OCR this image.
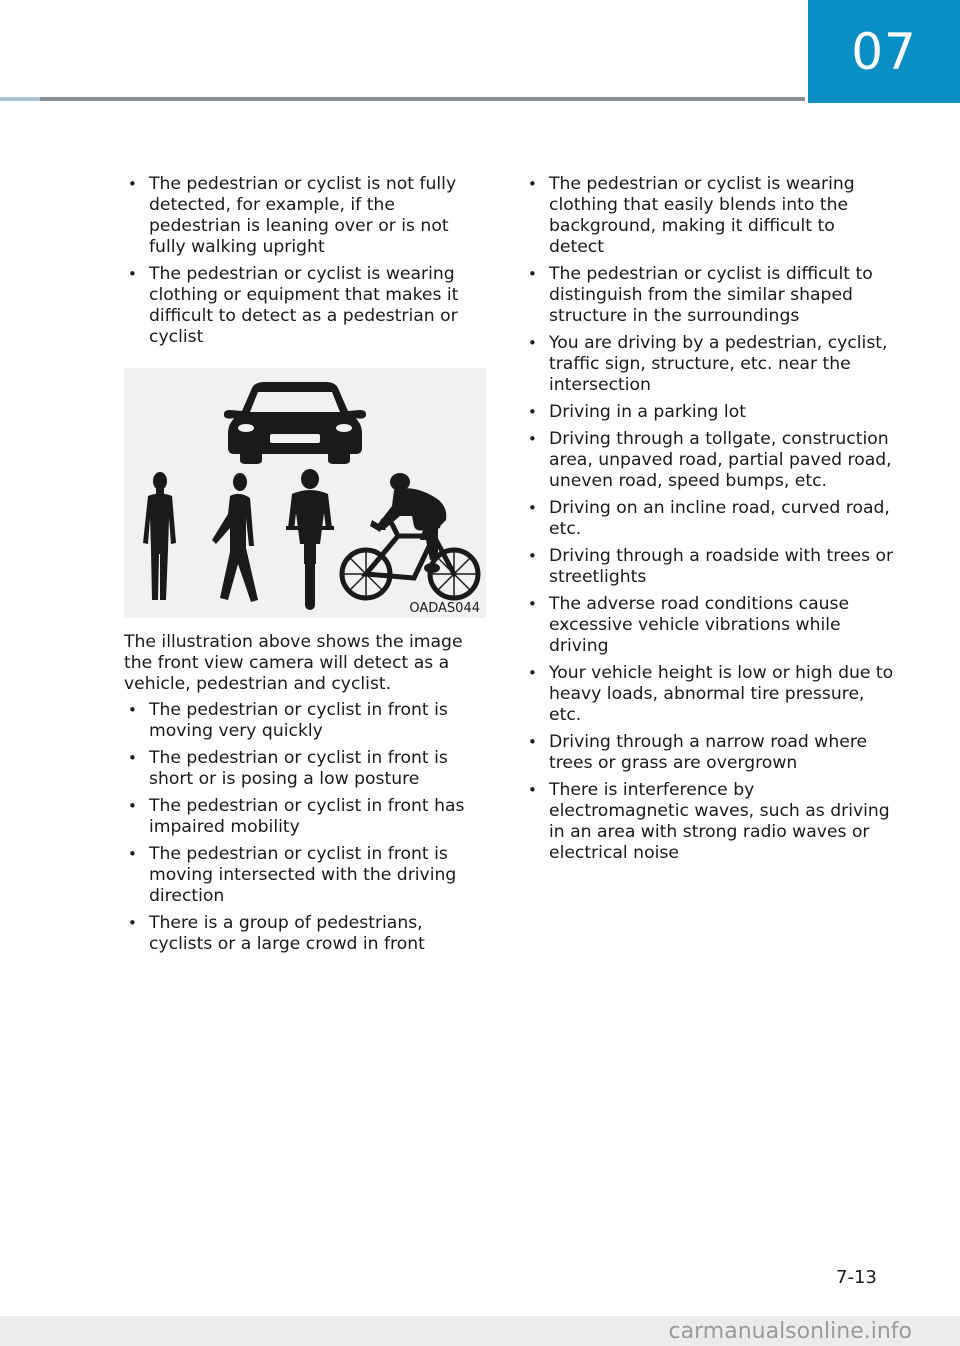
07
• The pedestrian or cyclist is not fully detected, for example, if the pedestrian is leaning over or is not fully walking upright
• The pedestrian or cyclist is wearing clothing or equipment that makes it difficult to detect as a pedestrian or cyclist
OADAS044
The illustration above shows the image the front view camera will detect as a vehicle, pedestrian and cyclist.
• The pedestrian or cyclist in front is moving very quickly
• The pedestrian or cyclist in front is short or is posing a low posture
• The pedestrian or cyclist in front has impaired mobility
• The pedestrian or cyclist in front is moving intersected with the driving direction
• There is a group of pedestrians, cyclists or a large crowd in front
• The pedestrian or cyclist is wearing clothing that easily blends into the background, making it difficult to detect
• The pedestrian or cyclist is difficult to distinguish from the similar shaped structure in the surroundings
• You are driving by a pedestrian, cyclist, traffic sign, structure, etc. near the intersection
• Driving in a parking lot
• Driving through a tollgate, construction area, unpaved road, partial paved road, uneven road, speed bumps, etc.
• Driving on an incline road, curved road, etc.
• Driving through a roadside with trees or streetlights
• The adverse road conditions cause excessive vehicle vibrations while driving
• Your vehicle height is low or high due to heavy loads, abnormal tire pressure, etc.
• Driving through a narrow road where trees or grass are overgrown
• There is interference by electromagnetic waves, such as driving in an area with strong radio waves or electrical noise
7-13
carmanualsonline.info
